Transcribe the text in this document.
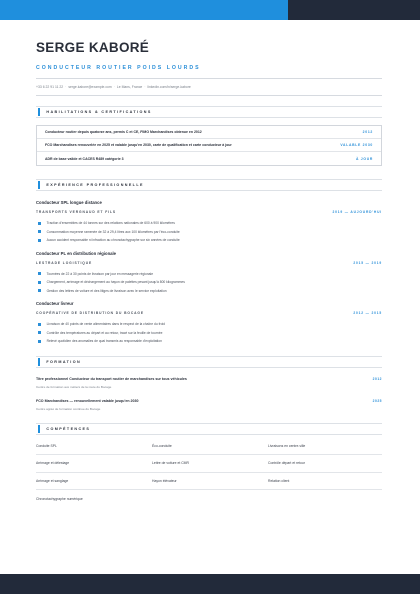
SERGE KABORÉ
CONDUCTEUR ROUTIER POIDS LOURDS
+33 6 22 91 11 22 · serge.kabore@example.com · Le Mans, France · linkedin.com/in/serge-kabore
HABILITATIONS & CERTIFICATIONS
Conducteur routier depuis quatorze ans, permis C et CE, FIMO Marchandises obtenue en 2012	2012
FCO Marchandises renouvelée en 2025 et valable jusqu'en 2030, carte de qualification et carte conducteur à jour	VALABLE 2030
ADR de base valide et CACES R489 catégorie 3	À JOUR
EXPÉRIENCE PROFESSIONNELLE
Conducteur SPL longue distance
TRANSPORTS VERGNAUD ET FILS	2019 — AUJOURD'HUI
Traction d'ensembles de 44 tonnes sur des relations nationales de 600 à 900 kilomètres
Consommation moyenne ramenée de 32 à 29,4 litres aux 100 kilomètres par l'éco-conduite
Aucun accident responsable ni infraction au chronotachygraphe sur six années de conduite
Conducteur PL en distribution régionale
LESTRADE LOGISTIQUE	2015 — 2019
Tournées de 22 à 30 points de livraison par jour en messagerie régionale
Chargement, arrimage et déchargement au hayon de palettes pesant jusqu'à 800 kilogrammes
Gestion des lettres de voiture et des litiges de livraison avec le service exploitation
Conducteur livreur
COOPÉRATIVE DE DISTRIBUTION DU BOCAGE	2012 — 2015
Livraison de 40 points de vente alimentaires dans le respect de la chaîne du froid
Contrôle des températures au départ et au retour, tracé sur la feuille de tournée
Relevé quotidien des anomalies de quai transmis au responsable d'exploitation
FORMATION
Titre professionnel Conducteur du transport routier de marchandises sur tous véhicules	2012
Centre de formation aux métiers de la route du Bocage
FCO Marchandises — renouvellement valable jusqu'en 2030	2025
Centre agréé de formation continue du Bocage
COMPÉTENCES
Conduite SPL	Éco-conduite	Livraisons en centre-ville
Arrimage et délestage	Lettre de voiture et CMR	Contrôle départ et retour
Arrimage et sanglage	Hayon élévateur	Relation client
Chronotachygraphe numérique
